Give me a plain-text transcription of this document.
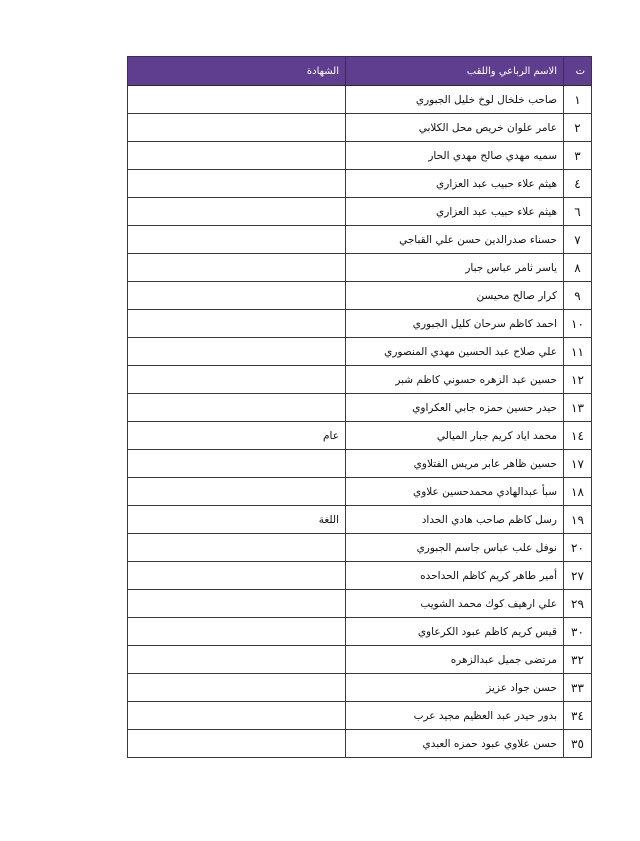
ت	الاسم الرباعي واللقب	الشهادة
١	صاحب خلخال لوخ خليل الجبوري	
٢	عامر علوان خريص محل الكلابي	
٣	سميه مهدي صالح مهدي الحار	
٤	هيثم علاء حبيب عبد العزاري	
٦	هيثم علاء حبيب عبد العزاري	
٧	حسناء صدرالدين حسن علي القباجي	
٨	ياسر ثامر عباس جبار	
٩	كرار صالح محيسن	
١٠	احمد كاظم سرحان كليل الجبوري	
١١	علي صلاح عبد الحسين مهدي المنصوري	
١٢	حسين عبد الزهره حسوني كاظم شبر	
١٣	حيدر حسين حمزه جابي العكراوي	
١٤	محمد اياد كريم جبار الميالي	عام
١٧	حسين ظاهر عابر مريس الفتلاوي	
١٨	سبأ عبدالهادي محمدحسين علاوي	
١٩	رسل كاظم صاحب هادي الحداد	اللغة
٢٠	نوفل علب عباس جاسم الجبوري	
٢٧	أمير طاهر كريم كاظم الحداحده	
٢٩	علي ارهيف كوك محمد الشويب	
٣٠	قيس كريم كاظم عبود الكرعاوي	
٣٢	مرتضى جميل عبدالزهره	
٣٣	حسن جواد عزيز	
٣٤	بدور حيدر عبد العظيم مجيد عرب	
٣٥	حسن علاوي عبود حمزه العبدي	
